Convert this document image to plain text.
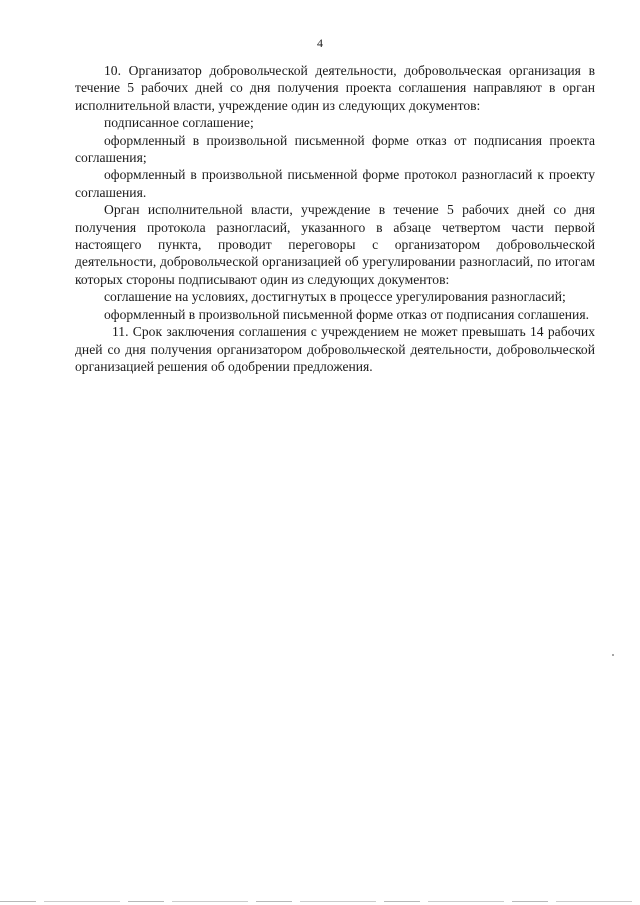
4

10. Организатор добровольческой деятельности, добровольческая организация в течение 5 рабочих дней со дня получения проекта соглашения направляют в орган исполнительной власти, учреждение один из следующих документов:

подписанное соглашение;

оформленный в произвольной письменной форме отказ от подписания проекта соглашения;

оформленный в произвольной письменной форме протокол разногласий к проекту соглашения.

Орган исполнительной власти, учреждение в течение 5 рабочих дней со дня получения протокола разногласий, указанного в абзаце четвертом части первой настоящего пункта, проводит переговоры с организатором добровольческой деятельности, добровольческой организацией об урегулировании разногласий, по итогам которых стороны подписывают один из следующих документов:

соглашение на условиях, достигнутых в процессе урегулирования разногласий;

оформленный в произвольной письменной форме отказ от подписания соглашения.

11. Срок заключения соглашения с учреждением не может превышать 14 рабочих дней со дня получения организатором добровольческой деятельности, добровольческой организацией решения об одобрении предложения.
